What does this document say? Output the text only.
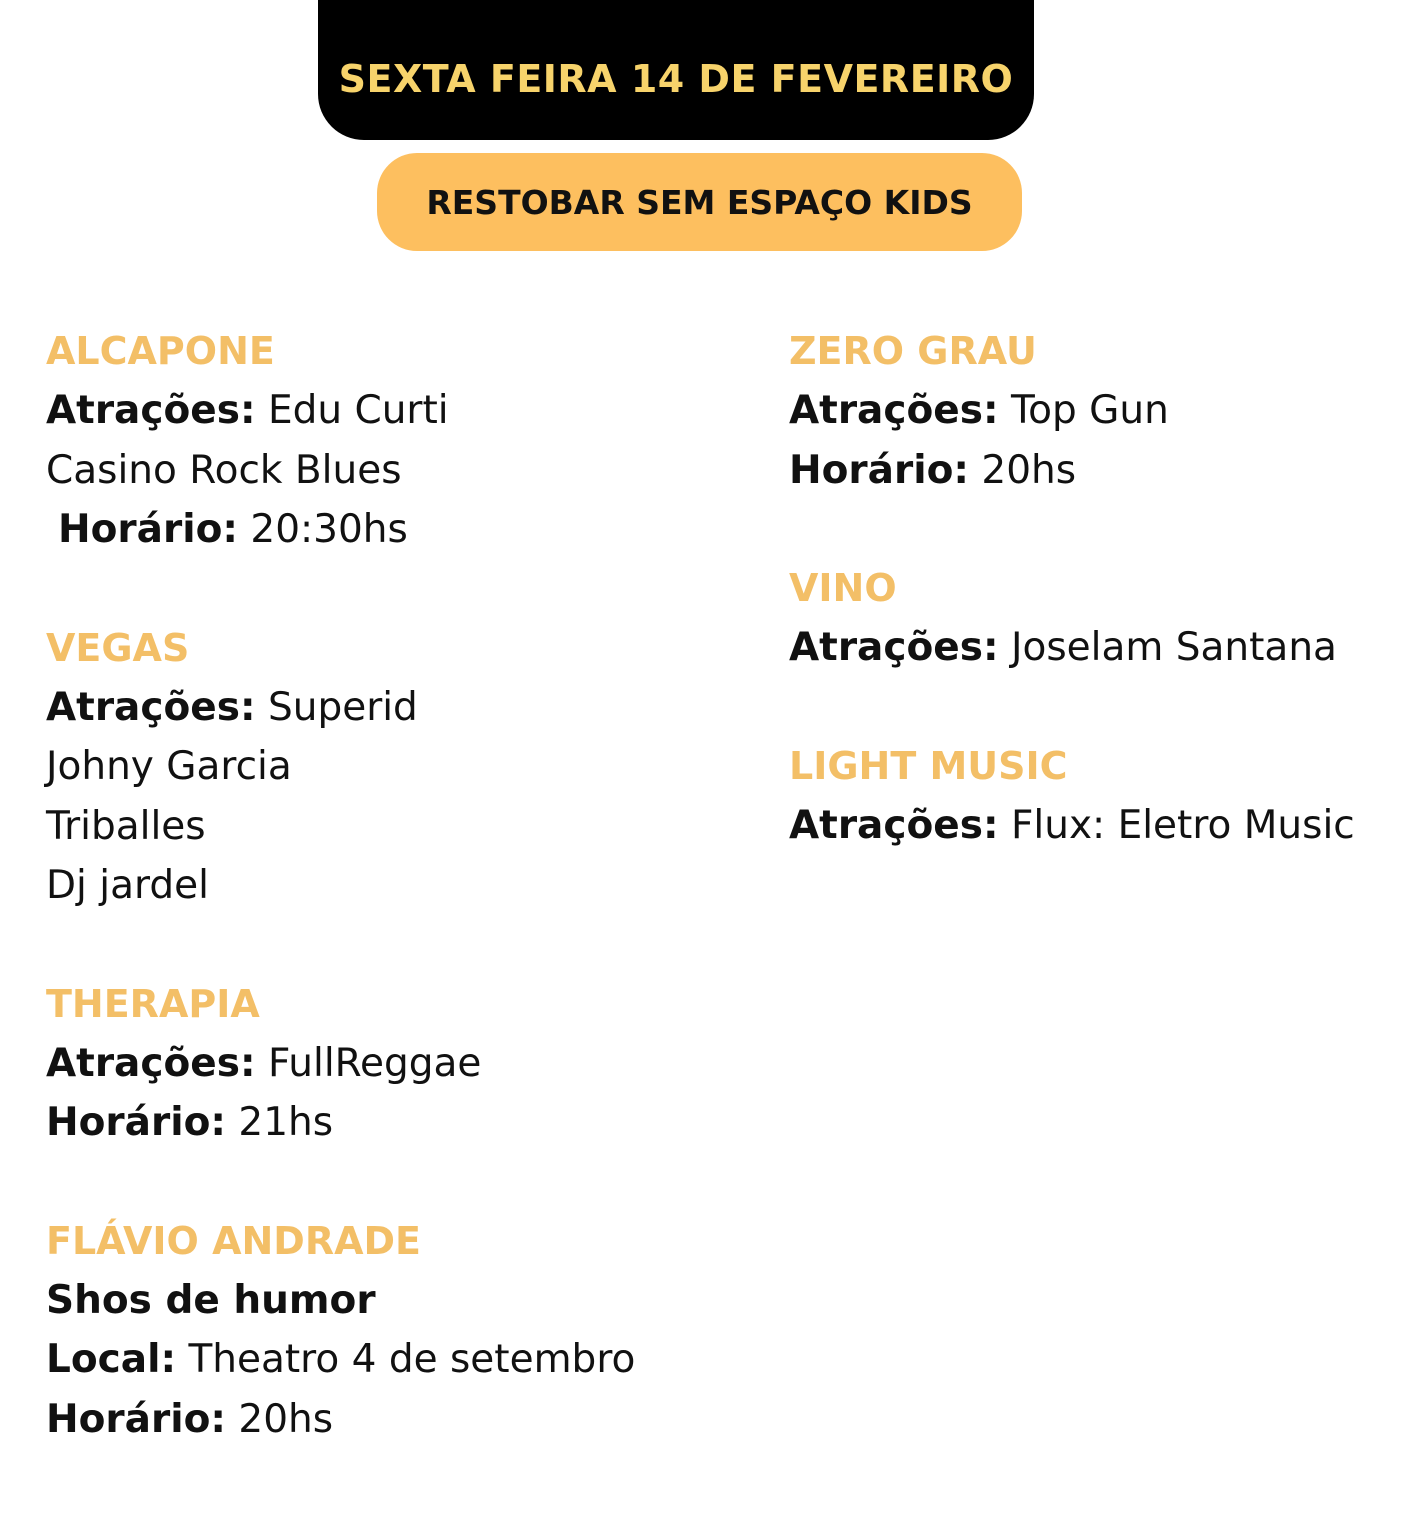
SEXTA FEIRA 14 DE FEVEREIRO
RESTOBAR SEM ESPAÇO KIDS
ALCAPONE
Atrações: Edu Curti
Casino Rock Blues
Horário: 20:30hs
VEGAS
Atrações: Superid
Johny Garcia
Triballes
Dj jardel
THERAPIA
Atrações: FullReggae
Horário: 21hs
FLÁVIO ANDRADE
Shos de humor
Local: Theatro 4 de setembro
Horário: 20hs
ZERO GRAU
Atrações: Top Gun
Horário: 20hs
VINO
Atrações: Joselam Santana
LIGHT MUSIC
Atrações: Flux: Eletro Music
